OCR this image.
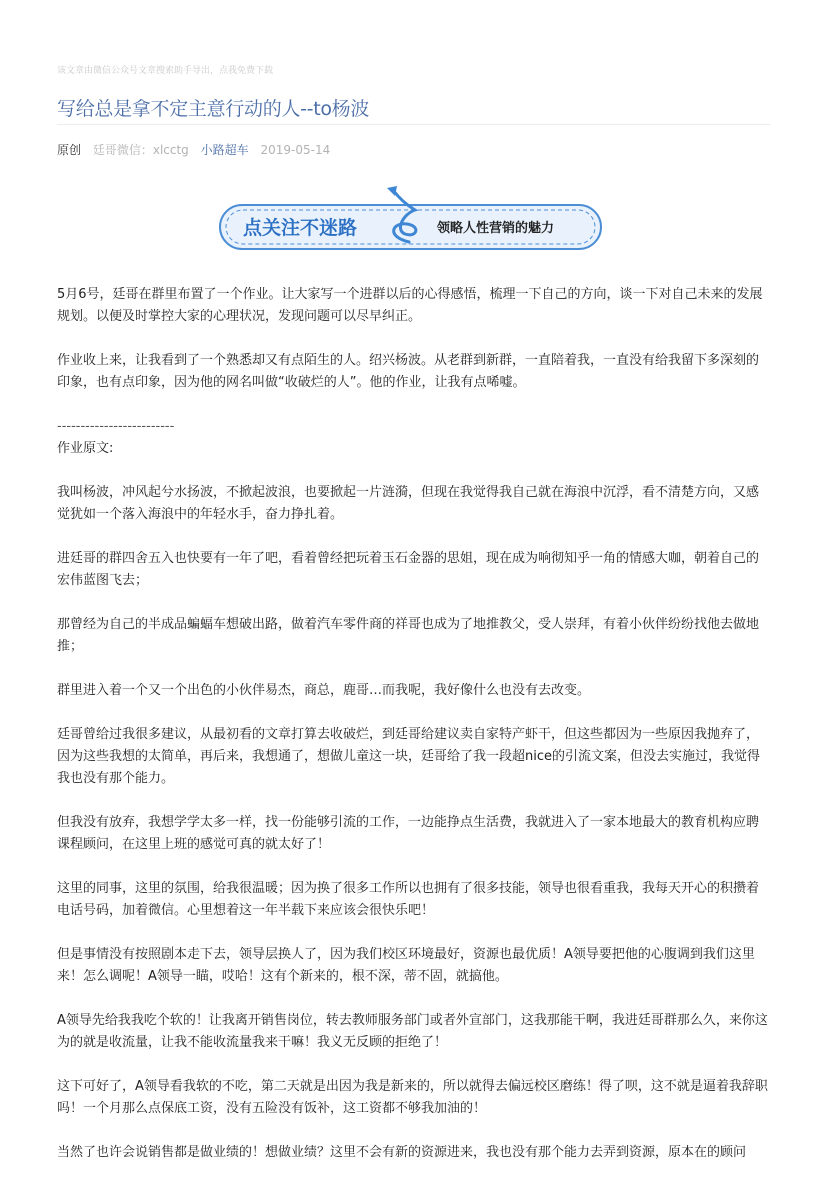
该文章由微信公众号文章搜索助手导出，点我免费下载
写给总是拿不定主意行动的人--to杨波
原创 廷哥微信：xlcctg 小路超车 2019-05-14
点关注不迷路	领略人性营销的魅力

5月6号，廷哥在群里布置了一个作业。让大家写一个进群以后的心得感悟，梳理一下自己的方向，谈一下对自己未来的发展规划。以便及时掌控大家的心理状况，发现问题可以尽早纠正。

作业收上来，让我看到了一个熟悉却又有点陌生的人。绍兴杨波。从老群到新群，一直陪着我，一直没有给我留下多深刻的印象，也有点印象，因为他的网名叫做“收破烂的人”。他的作业，让我有点唏嘘。

-------------------------

作业原文:

我叫杨波，冲风起兮水扬波，不掀起波浪，也要掀起一片涟漪，但现在我觉得我自己就在海浪中沉浮，看不清楚方向，又感觉犹如一个落入海浪中的年轻水手，奋力挣扎着。

进廷哥的群四舍五入也快要有一年了吧，看着曾经把玩着玉石金器的思姐，现在成为响彻知乎一角的情感大咖，朝着自己的宏伟蓝图飞去；

那曾经为自己的半成品蝙蝠车想破出路，做着汽车零件商的祥哥也成为了地推教父，受人崇拜，有着小伙伴纷纷找他去做地推；

群里进入着一个又一个出色的小伙伴易杰，商总，鹿哥…而我呢，我好像什么也没有去改变。

廷哥曾给过我很多建议，从最初看的文章打算去收破烂，到廷哥给建议卖自家特产虾干，但这些都因为一些原因我抛弃了，因为这些我想的太简单，再后来，我想通了，想做儿童这一块，廷哥给了我一段超nice的引流文案，但没去实施过，我觉得我也没有那个能力。

但我没有放弃，我想学学太多一样，找一份能够引流的工作，一边能挣点生活费，我就进入了一家本地最大的教育机构应聘课程顾问，在这里上班的感觉可真的就太好了！

这里的同事，这里的氛围，给我很温暖；因为换了很多工作所以也拥有了很多技能，领导也很看重我，我每天开心的积攒着电话号码，加着微信。心里想着这一年半载下来应该会很快乐吧！

但是事情没有按照剧本走下去，领导层换人了，因为我们校区环境最好，资源也最优质！A领导要把他的心腹调到我们这里来！怎么调呢！A领导一瞄，哎哈！这有个新来的，根不深，蒂不固，就搞他。

A领导先给我我吃个软的！让我离开销售岗位，转去教师服务部门或者外宣部门，这我那能干啊，我进廷哥群那么久，来你这为的就是收流量，让我不能收流量我来干嘛！我义无反顾的拒绝了！

这下可好了，A领导看我软的不吃，第二天就是出因为我是新来的，所以就得去偏远校区磨练！得了呗，这不就是逼着我辞职吗！一个月那么点保底工资，没有五险没有饭补，这工资都不够我加油的！

当然了也许会说销售都是做业绩的！想做业绩？这里不会有新的资源进来，我也没有那个能力去弄到资源，原本在的顾问
